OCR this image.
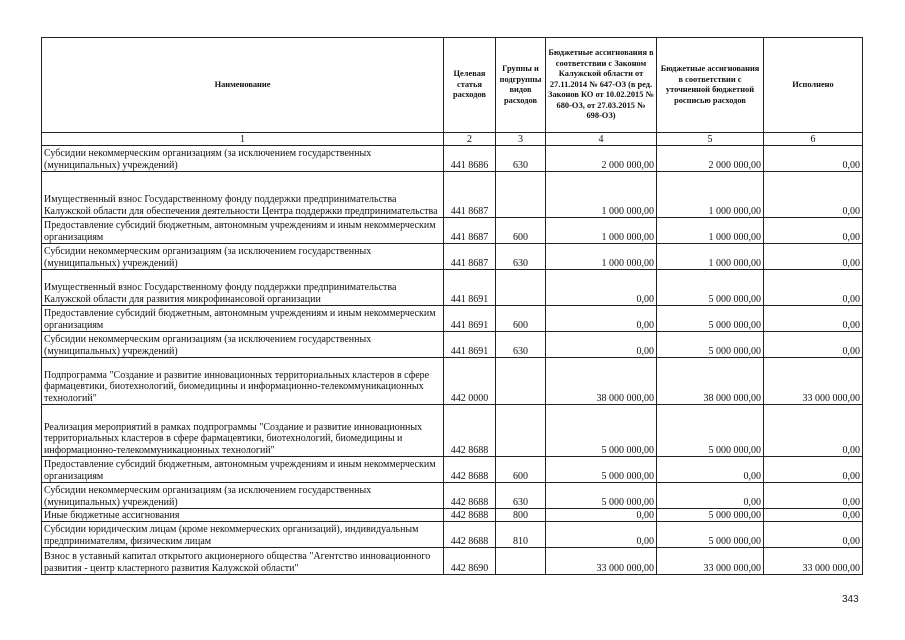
Наименование	Целевая статья расходов	Группы и подгруппы видов расходов	Бюджетные ассигнования в соответствии с Законом Калужской области от 27.11.2014 № 647-ОЗ (в ред. Законов КО от 10.02.2015 № 680-ОЗ, от 27.03.2015 № 698-ОЗ)	Бюджетные ассигнования в соответствии с уточненной бюджетной росписью расходов	Исполнено
1	2	3	4	5	6
Субсидии некоммерческим организациям (за исключением государственных (муниципальных) учреждений)	441 8686	630	2 000 000,00	2 000 000,00	0,00
Имущественный взнос Государственному фонду поддержки предпринимательства Калужской области для обеспечения деятельности Центра поддержки предпринимательства	441 8687		1 000 000,00	1 000 000,00	0,00
Предоставление субсидий бюджетным, автономным учреждениям и иным некоммерческим организациям	441 8687	600	1 000 000,00	1 000 000,00	0,00
Субсидии некоммерческим организациям (за исключением государственных (муниципальных) учреждений)	441 8687	630	1 000 000,00	1 000 000,00	0,00
Имущественный взнос Государственному фонду поддержки предпринимательства Калужской области для развития микрофинансовой организации	441 8691		0,00	5 000 000,00	0,00
Предоставление субсидий бюджетным, автономным учреждениям и иным некоммерческим организациям	441 8691	600	0,00	5 000 000,00	0,00
Субсидии некоммерческим организациям (за исключением государственных (муниципальных) учреждений)	441 8691	630	0,00	5 000 000,00	0,00
Подпрограмма "Создание и развитие инновационных территориальных кластеров в сфере фармацевтики, биотехнологий, биомедицины и информационно-телекоммуникационных технологий"	442 0000		38 000 000,00	38 000 000,00	33 000 000,00
Реализация мероприятий в рамках подпрограммы "Создание и развитие инновационных территориальных кластеров в сфере фармацевтики, биотехнологий, биомедицины и информационно-телекоммуникационных технологий"	442 8688		5 000 000,00	5 000 000,00	0,00
Предоставление субсидий бюджетным, автономным учреждениям и иным некоммерческим организациям	442 8688	600	5 000 000,00	0,00	0,00
Субсидии некоммерческим организациям (за исключением государственных (муниципальных) учреждений)	442 8688	630	5 000 000,00	0,00	0,00
Иные бюджетные ассигнования	442 8688	800	0,00	5 000 000,00	0,00
Субсидии юридическим лицам (кроме некоммерческих организаций), индивидуальным предпринимателям, физическим лицам	442 8688	810	0,00	5 000 000,00	0,00
Взнос в уставный капитал открытого акционерного общества "Агентство инновационного развития - центр кластерного развития Калужской области"	442 8690		33 000 000,00	33 000 000,00	33 000 000,00
343
